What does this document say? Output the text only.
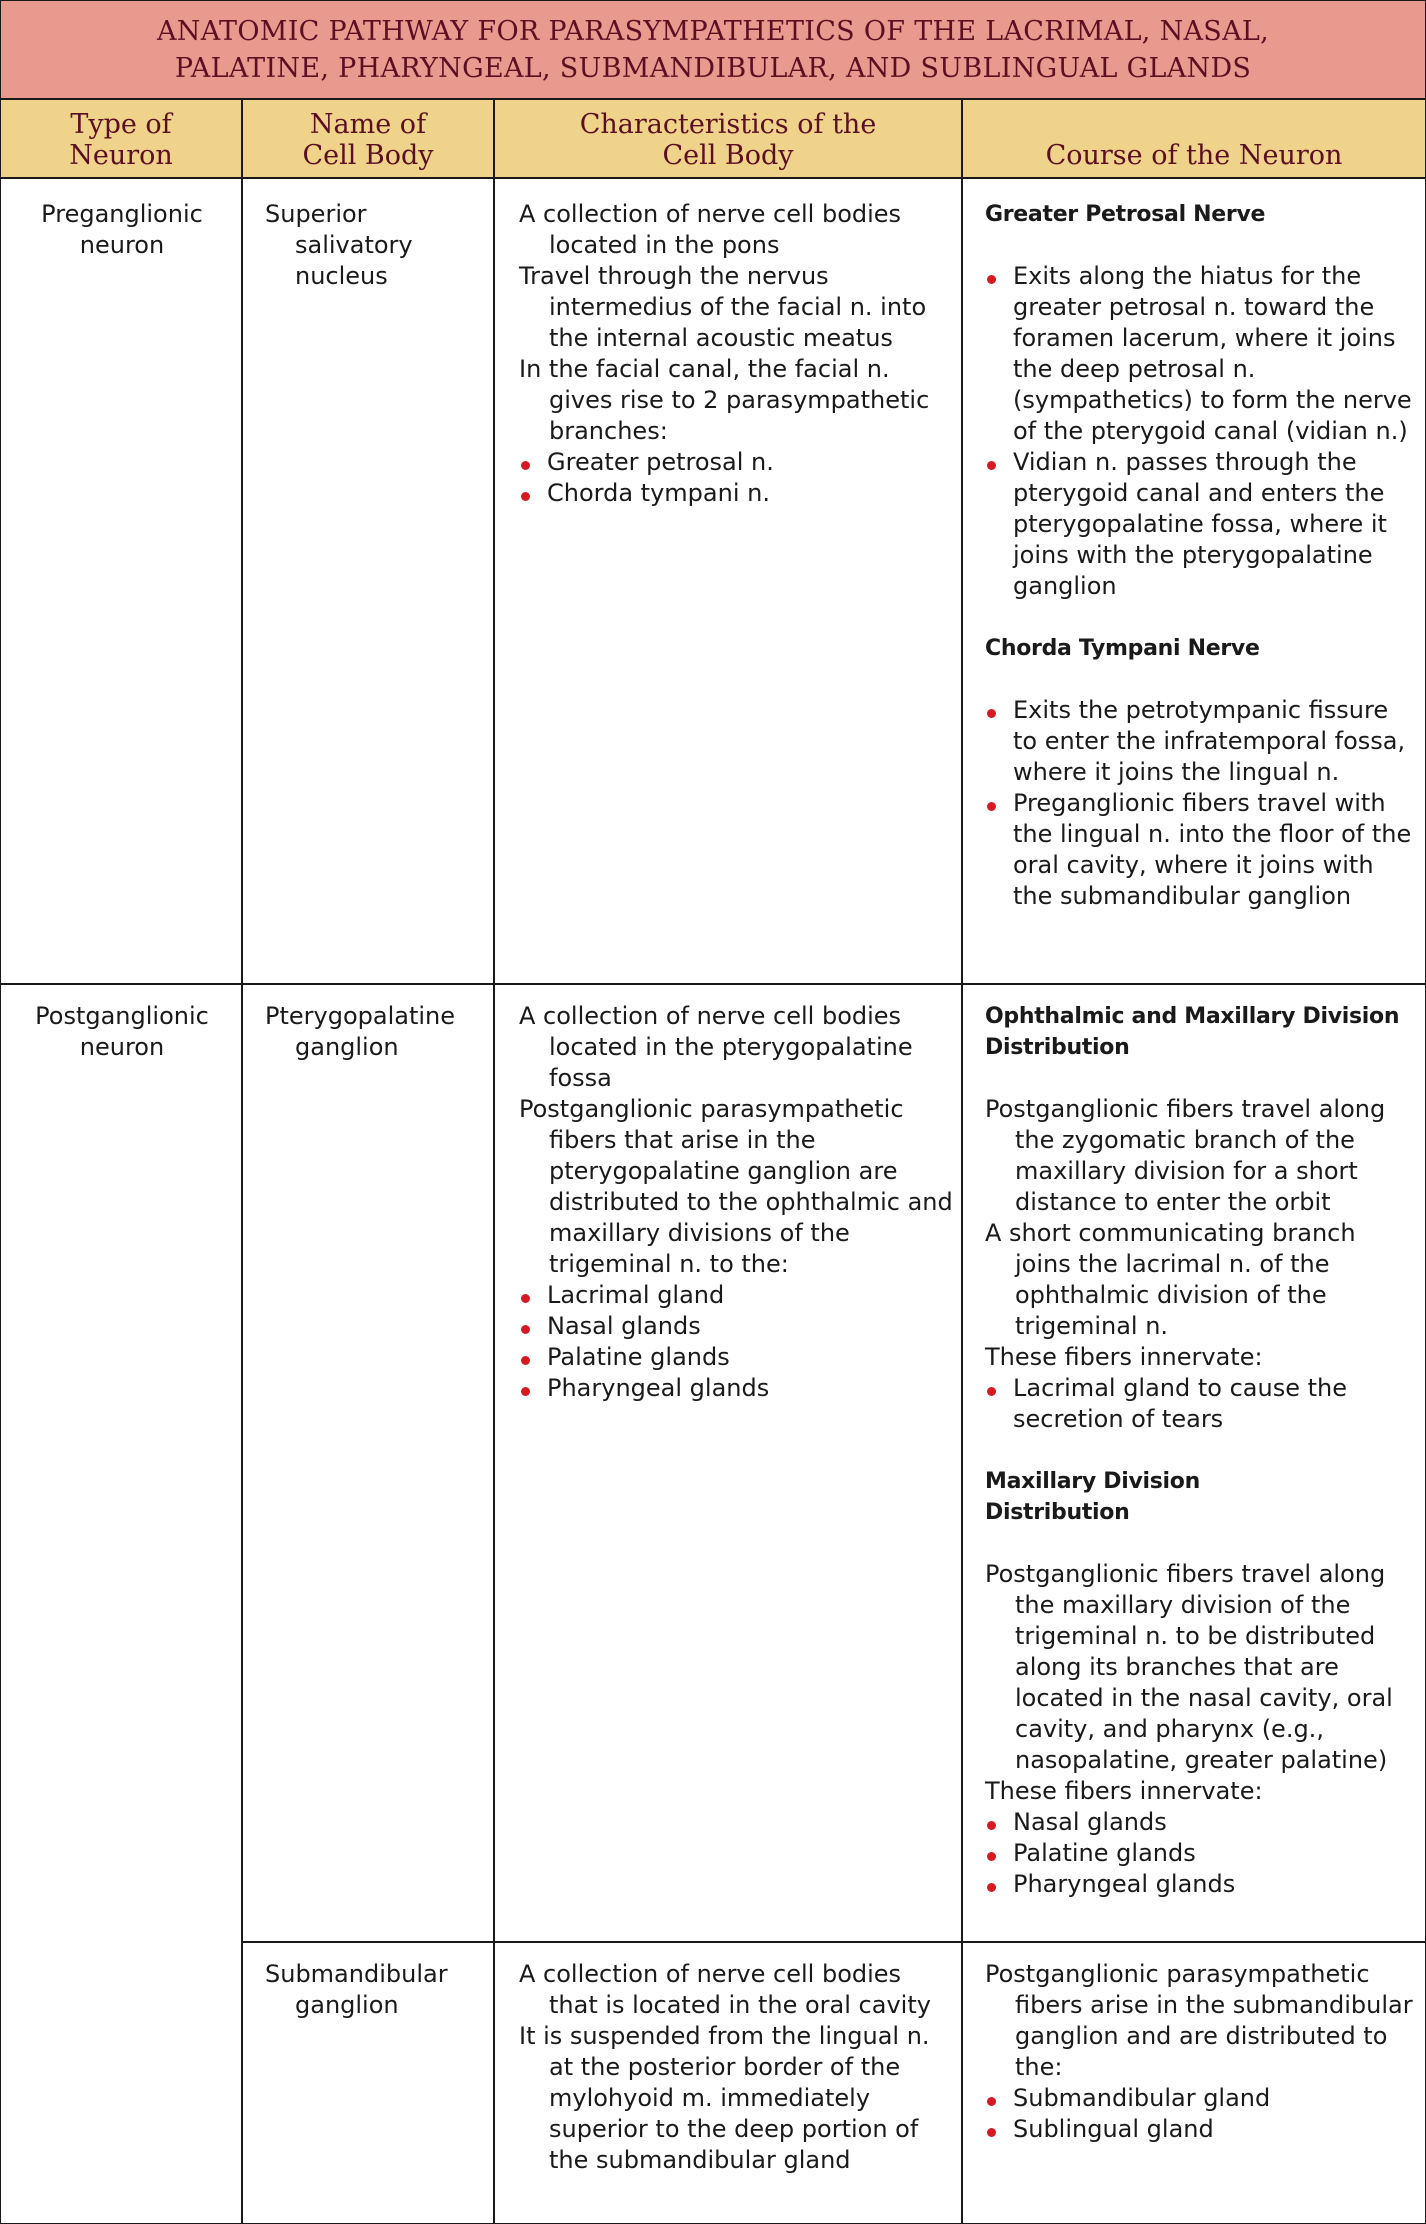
ANATOMIC PATHWAY FOR PARASYMPATHETICS OF THE LACRIMAL, NASAL,
PALATINE, PHARYNGEAL, SUBMANDIBULAR, AND SUBLINGUAL GLANDS
Type of
Neuron
Name of
Cell Body
Characteristics of the
Cell Body	Course of the Neuron

Preganglionic neuron

Superior salivatory nucleus

A collection of nerve cell bodies located in the pons

Travel through the nervus intermedius of the facial n. into the internal acoustic meatus

In the facial canal, the facial n. gives rise to 2 parasympathetic branches:

Greater petrosal n.
Chorda tympani n.

Greater Petrosal Nerve

Exits along the hiatus for the greater petrosal n. toward the foramen lacerum, where it joins the deep petrosal n. (sympathetics) to form the nerve of the pterygoid canal (vidian n.)
Vidian n. passes through the pterygoid canal and enters the pterygopalatine fossa, where it joins with the pterygopalatine ganglion

Chorda Tympani Nerve

Exits the petrotympanic fissure to enter the infratemporal fossa, where it joins the lingual n.
Preganglionic fibers travel with the lingual n. into the floor of the oral cavity, where it joins with the submandibular ganglion

Postganglionic neuron

Pterygopalatine ganglion

A collection of nerve cell bodies located in the pterygopalatine fossa

Postganglionic parasympathetic fibers that arise in the pterygopalatine ganglion are distributed to the ophthalmic and maxillary divisions of the trigeminal n. to the:

Lacrimal gland
Nasal glands
Palatine glands
Pharyngeal glands

Ophthalmic and Maxillary Division
Distribution

Postganglionic fibers travel along the zygomatic branch of the maxillary division for a short distance to enter the orbit

A short communicating branch joins the lacrimal n. of the ophthalmic division of the trigeminal n.

These fibers innervate:

Lacrimal gland to cause the secretion of tears

Maxillary Division
Distribution

Postganglionic fibers travel along the maxillary division of the trigeminal n. to be distributed along its branches that are located in the nasal cavity, oral cavity, and pharynx (e.g., nasopalatine, greater palatine)

These fibers innervate:

Nasal glands
Palatine glands
Pharyngeal glands

Submandibular ganglion

A collection of nerve cell bodies that is located in the oral cavity

It is suspended from the lingual n. at the posterior border of the mylohyoid m. immediately superior to the deep portion of the submandibular gland

Postganglionic parasympathetic fibers arise in the submandibular ganglion and are distributed to the:

Submandibular gland
Sublingual gland
